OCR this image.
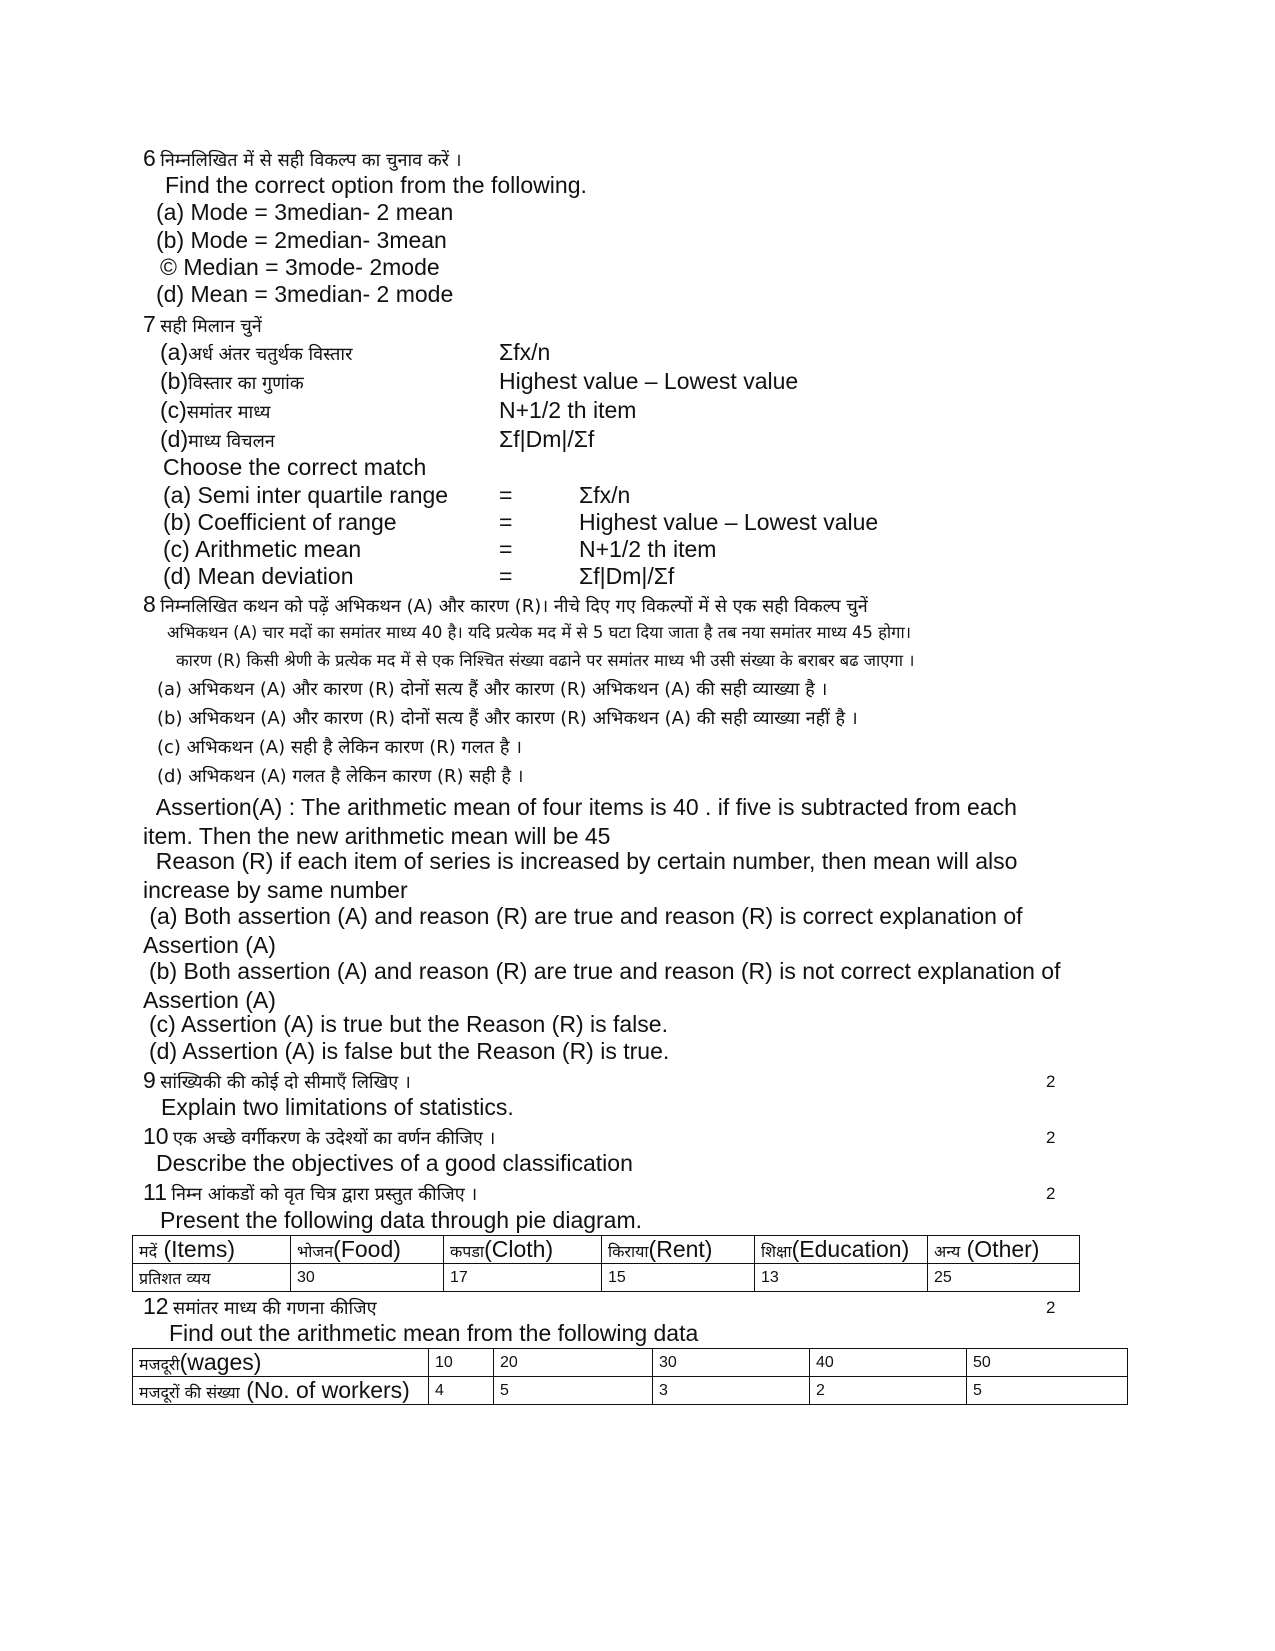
6 निम्नलिखित में से सही विकल्प का चुनाव करें ।
Find the correct option from the following.
(a) Mode = 3median- 2 mean
(b) Mode = 2median- 3mean
© Median = 3mode- 2mode
(d) Mean = 3median- 2 mode
7 सही मिलान चुनें
(a)अर्ध अंतर चतुर्थक विस्तार	Σfx/n
(b)विस्तार का गुणांक	Highest value – Lowest value
(c)समांतर माध्य	N+1/2 th item
(d)माध्य विचलन	Σf|Dm|/Σf
Choose the correct match
(a) Semi inter quartile range =	Σfx/n
(b) Coefficient of range	=	Highest value – Lowest value
(c) Arithmetic mean	=	N+1/2 th item
(d) Mean deviation	=	Σf|Dm|/Σf
8 निम्नलिखित कथन को पढ़ें अभिकथन (A) और कारण (R)। नीचे दिए गए विकल्पों में से एक सही विकल्प चुनें
अभिकथन (A) चार मदों का समांतर माध्य 40 है। यदि प्रत्येक मद में से 5 घटा दिया जाता है तब नया समांतर माध्य 45 होगा।
कारण (R) किसी श्रेणी के प्रत्येक मद में से एक निश्चित संख्या वढाने पर समांतर माध्य भी उसी संख्या के बराबर बढ जाएगा ।
(a) अभिकथन (A) और कारण (R) दोनों सत्य हैं और कारण (R) अभिकथन (A) की सही व्याख्या है ।
(b) अभिकथन (A) और कारण (R) दोनों सत्य हैं और कारण (R) अभिकथन (A) की सही व्याख्या नहीं है ।
(c) अभिकथन (A) सही है लेकिन कारण (R) गलत है ।
(d) अभिकथन (A) गलत है लेकिन कारण (R) सही है ।
Assertion(A) : The arithmetic mean of four items is 40 . if five is subtracted from each item. Then the new arithmetic mean will be 45
Reason (R) if each item of series is increased by certain number, then mean will also increase by same number
(a) Both assertion (A) and reason (R) are true and reason (R) is correct explanation of Assertion (A)
(b) Both assertion (A) and reason (R) are true and reason (R) is not correct explanation of Assertion (A)
(c) Assertion (A) is true but the Reason (R) is false.
(d) Assertion (A) is false but the Reason (R) is true.
9 सांख्यिकी की कोई दो सीमाएँ लिखिए ।	2
Explain two limitations of statistics.
10 एक अच्छे वर्गीकरण के उदेश्यों का वर्णन कीजिए ।	2
Describe the objectives of a good classification
11 निम्न आंकडों को वृत चित्र द्वारा प्रस्तुत कीजिए ।	2
Present the following data through pie diagram.
मदें (Items)	भोजन(Food)	कपडा(Cloth)	किराया(Rent)	शिक्षा(Education)	अन्य (Other)
प्रतिशत व्यय	30	17	15	13	25
12 समांतर माध्य की गणना कीजिए	2
Find out the arithmetic mean from the following data
मजदूरी(wages)	10	20	30	40	50
मजदूरों की संख्या (No. of workers)	4	5	3	2	5
